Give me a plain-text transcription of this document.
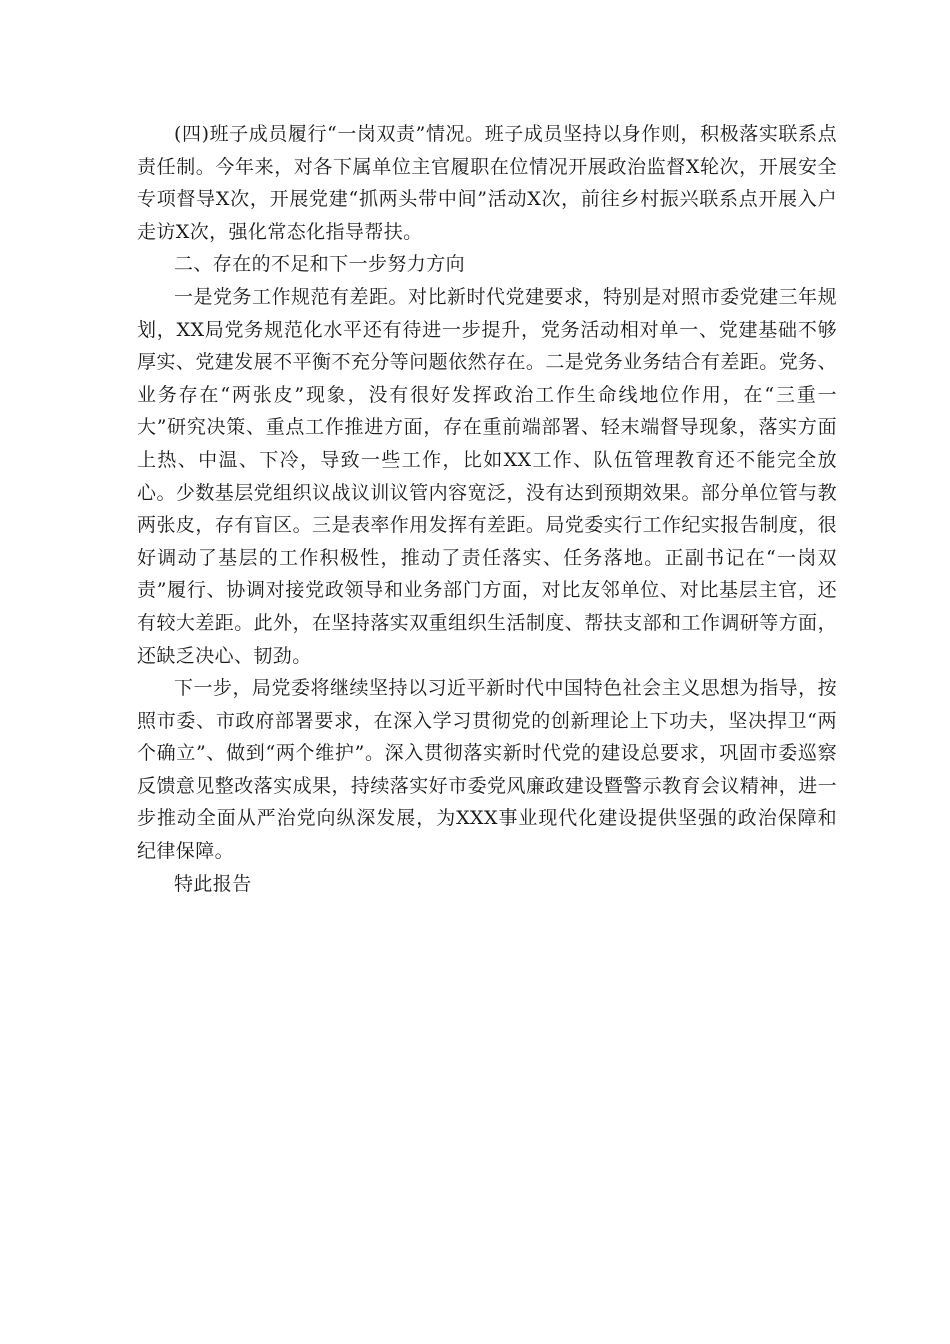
(四)班子成员履行“一岗双责”情况。班子成员坚持以身作则，积极落实联系点责任制。今年来，对各下属单位主官履职在位情况开展政治监督X轮次，开展安全专项督导X次，开展党建“抓两头带中间”活动X次，前往乡村振兴联系点开展入户走访X次，强化常态化指导帮扶。

二、存在的不足和下一步努力方向

一是党务工作规范有差距。对比新时代党建要求，特别是对照市委党建三年规划，XX局党务规范化水平还有待进一步提升，党务活动相对单一、党建基础不够厚实、党建发展不平衡不充分等问题依然存在。二是党务业务结合有差距。党务、业务存在“两张皮”现象，没有很好发挥政治工作生命线地位作用，在“三重一大”研究决策、重点工作推进方面，存在重前端部署、轻末端督导现象，落实方面上热、中温、下冷，导致一些工作，比如XX工作、队伍管理教育还不能完全放心。少数基层党组织议战议训议管内容宽泛，没有达到预期效果。部分单位管与教两张皮，存有盲区。三是表率作用发挥有差距。局党委实行工作纪实报告制度，很好调动了基层的工作积极性，推动了责任落实、任务落地。正副书记在“一岗双责”履行、协调对接党政领导和业务部门方面，对比友邻单位、对比基层主官，还有较大差距。此外，在坚持落实双重组织生活制度、帮扶支部和工作调研等方面，还缺乏决心、韧劲。

下一步，局党委将继续坚持以习近平新时代中国特色社会主义思想为指导，按照市委、市政府部署要求，在深入学习贯彻党的创新理论上下功夫，坚决捍卫“两个确立”、做到“两个维护”。深入贯彻落实新时代党的建设总要求，巩固市委巡察反馈意见整改落实成果，持续落实好市委党风廉政建设暨警示教育会议精神，进一步推动全面从严治党向纵深发展，为XXX事业现代化建设提供坚强的政治保障和纪律保障。

特此报告
